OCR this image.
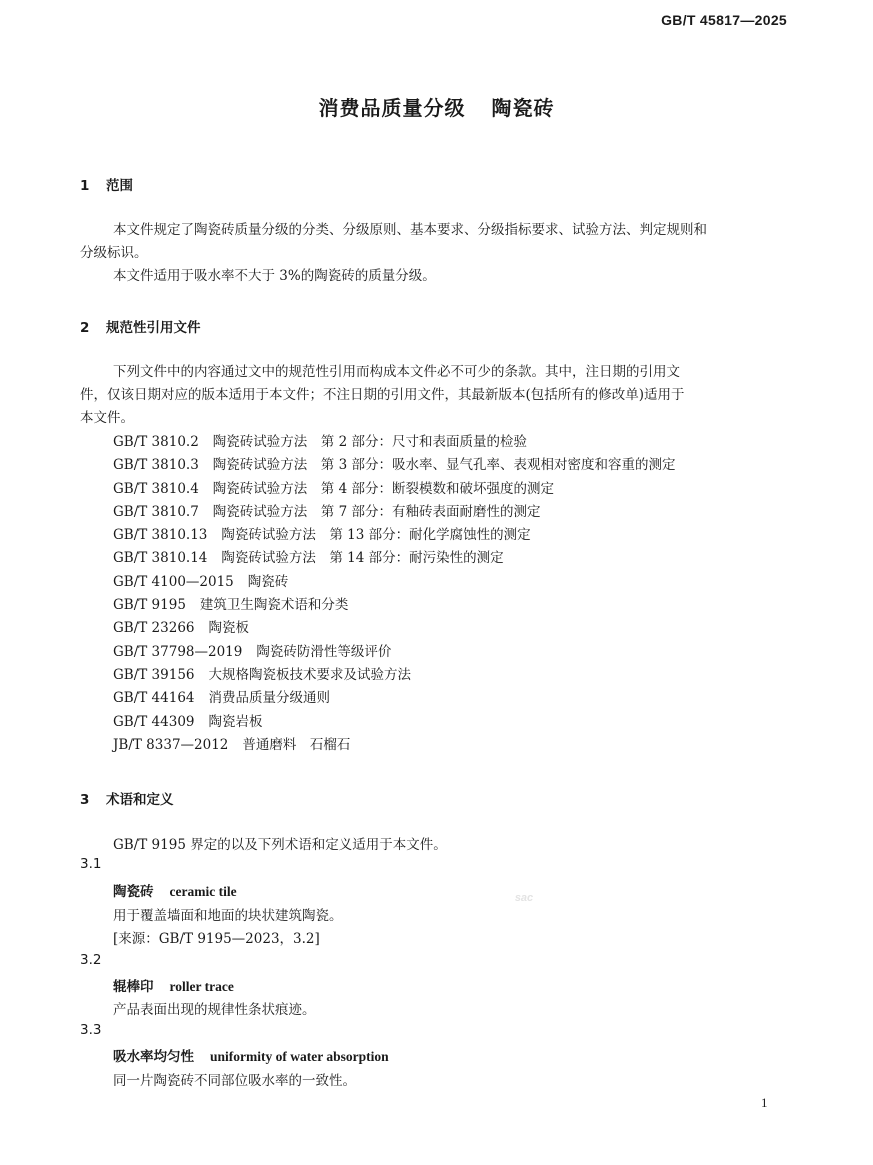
GB/T 45817—2025
消费品质量分级 陶瓷砖
1 范围
本文件规定了陶瓷砖质量分级的分类、分级原则、基本要求、分级指标要求、试验方法、判定规则和
分级标识。
本文件适用于吸水率不大于 3%的陶瓷砖的质量分级。
2 规范性引用文件
下列文件中的内容通过文中的规范性引用而构成本文件必不可少的条款。其中，注日期的引用文
件，仅该日期对应的版本适用于本文件；不注日期的引用文件，其最新版本(包括所有的修改单)适用于
本文件。
GB/T 3810.2 陶瓷砖试验方法　第 2 部分：尺寸和表面质量的检验
GB/T 3810.3 陶瓷砖试验方法　第 3 部分：吸水率、显气孔率、表观相对密度和容重的测定
GB/T 3810.4 陶瓷砖试验方法　第 4 部分：断裂模数和破坏强度的测定
GB/T 3810.7 陶瓷砖试验方法　第 7 部分：有釉砖表面耐磨性的测定
GB/T 3810.13 陶瓷砖试验方法　第 13 部分：耐化学腐蚀性的测定
GB/T 3810.14 陶瓷砖试验方法　第 14 部分：耐污染性的测定
GB/T 4100—2015 陶瓷砖
GB/T 9195 建筑卫生陶瓷术语和分类
GB/T 23266 陶瓷板
GB/T 37798—2019 陶瓷砖防滑性等级评价
GB/T 39156 大规格陶瓷板技术要求及试验方法
GB/T 44164 消费品质量分级通则
GB/T 44309 陶瓷岩板
JB/T 8337—2012 普通磨料　石榴石
3 术语和定义
GB/T 9195 界定的以及下列术语和定义适用于本文件。
3.1
陶瓷砖 ceramic tile
用于覆盖墙面和地面的块状建筑陶瓷。
[来源：GB/T 9195—2023，3.2]
3.2
辊棒印 roller trace
产品表面出现的规律性条状痕迹。
3.3
吸水率均匀性 uniformity of water absorption
同一片陶瓷砖不同部位吸水率的一致性。
sac
1
